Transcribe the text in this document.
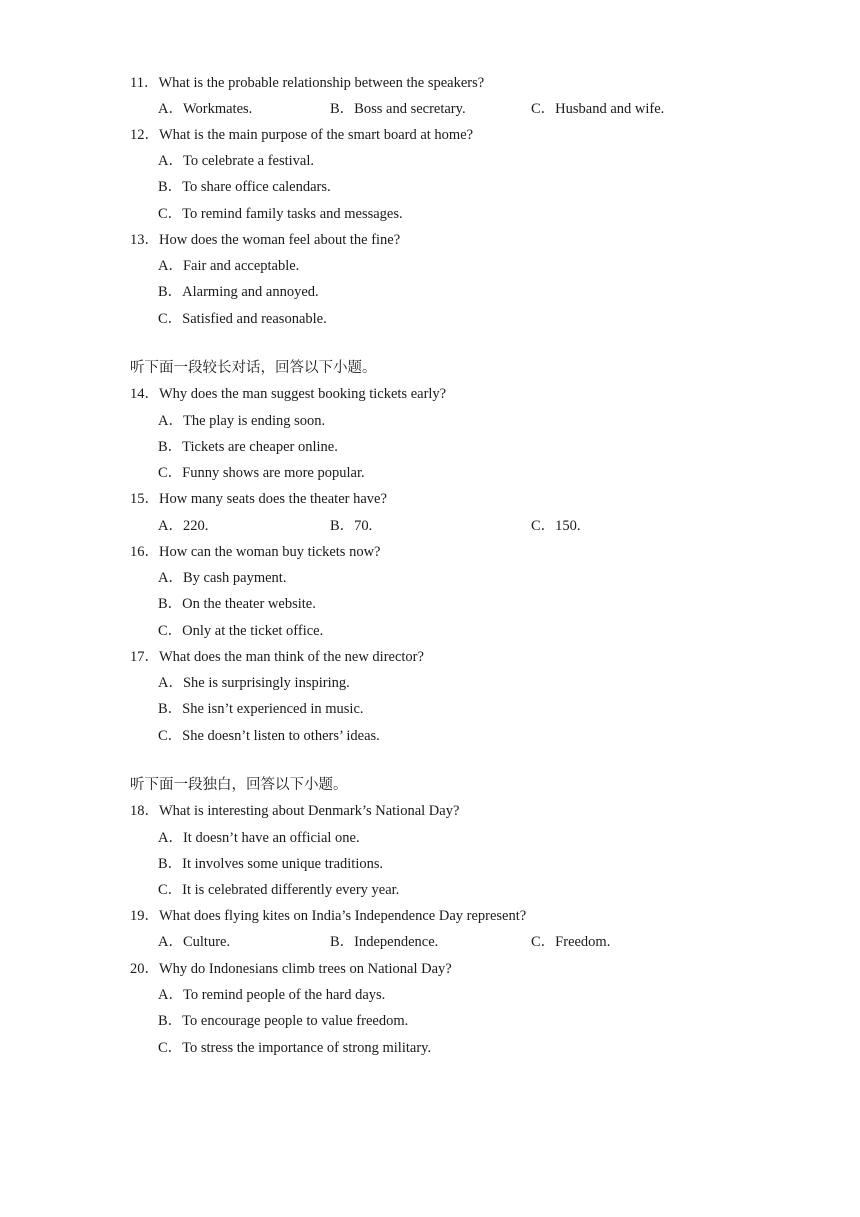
11．What is the probable relationship between the speakers?
A．Workmates.	B．Boss and secretary.	C．Husband and wife.
12．What is the main purpose of the smart board at home?
A．To celebrate a festival.
B．To share office calendars.
C．To remind family tasks and messages.
13．How does the woman feel about the fine?
A．Fair and acceptable.
B．Alarming and annoyed.
C．Satisfied and reasonable.
听下面一段较长对话，回答以下小题。
14．Why does the man suggest booking tickets early?
A．The play is ending soon.
B．Tickets are cheaper online.
C．Funny shows are more popular.
15．How many seats does the theater have?
A．220.	B．70.	C．150.
16．How can the woman buy tickets now?
A．By cash payment.
B．On the theater website.
C．Only at the ticket office.
17．What does the man think of the new director?
A．She is surprisingly inspiring.
B．She isn’t experienced in music.
C．She doesn’t listen to others’ ideas.
听下面一段独白，回答以下小题。
18．What is interesting about Denmark’s National Day?
A．It doesn’t have an official one.
B．It involves some unique traditions.
C．It is celebrated differently every year.
19．What does flying kites on India’s Independence Day represent?
A．Culture.	B．Independence.	C．Freedom.
20．Why do Indonesians climb trees on National Day?
A．To remind people of the hard days.
B．To encourage people to value freedom.
C．To stress the importance of strong military.
